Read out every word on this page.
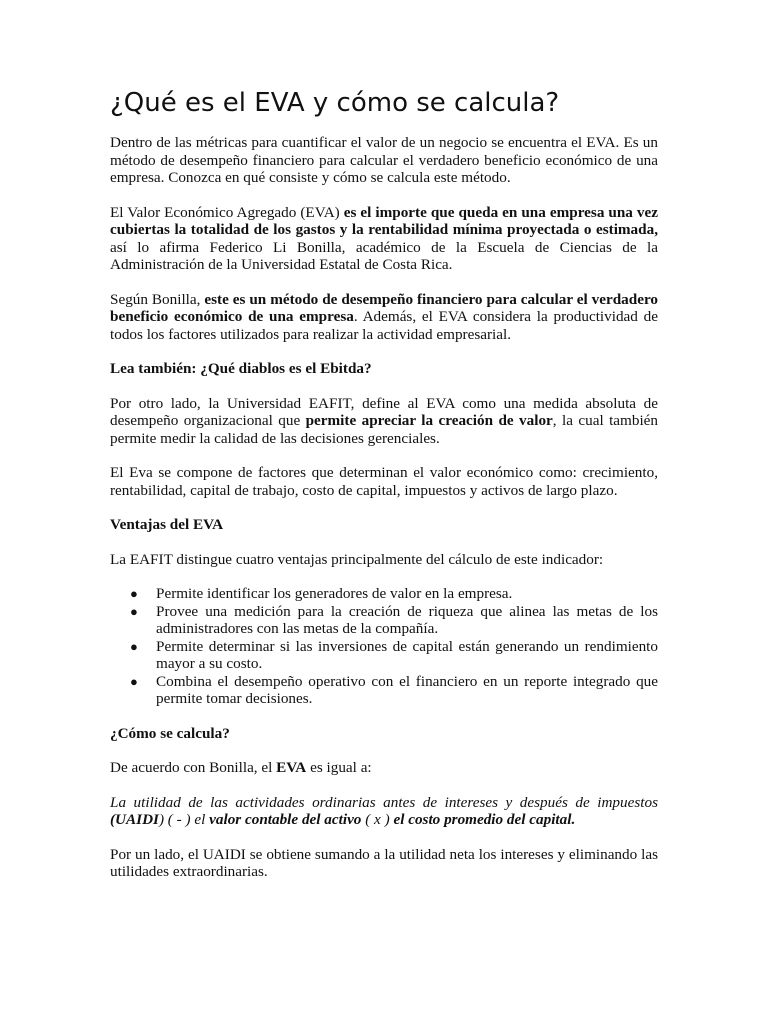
¿Qué es el EVA y cómo se calcula?

Dentro de las métricas para cuantificar el valor de un negocio se encuentra el EVA. Es un método de desempeño financiero para calcular el verdadero beneficio económico de una empresa. Conozca en qué consiste y cómo se calcula este método.

El Valor Económico Agregado (EVA) es el importe que queda en una empresa una vez cubiertas la totalidad de los gastos y la rentabilidad mínima proyectada o estimada, así lo afirma Federico Li Bonilla, académico de la Escuela de Ciencias de la Administración de la Universidad Estatal de Costa Rica.

Según Bonilla, este es un método de desempeño financiero para calcular el verdadero beneficio económico de una empresa. Además, el EVA considera la productividad de todos los factores utilizados para realizar la actividad empresarial.

Lea también: ¿Qué diablos es el Ebitda?

Por otro lado, la Universidad EAFIT, define al EVA como una medida absoluta de desempeño organizacional que permite apreciar la creación de valor, la cual también permite medir la calidad de las decisiones gerenciales.

El Eva se compone de factores que determinan el valor económico como: crecimiento, rentabilidad, capital de trabajo, costo de capital, impuestos y activos de largo plazo.

Ventajas del EVA

La EAFIT distingue cuatro ventajas principalmente del cálculo de este indicador:

● Permite identificar los generadores de valor en la empresa.
● Provee una medición para la creación de riqueza que alinea las metas de los administradores con las metas de la compañía.
● Permite determinar si las inversiones de capital están generando un rendimiento mayor a su costo.
● Combina el desempeño operativo con el financiero en un reporte integrado que permite tomar decisiones.

¿Cómo se calcula?

De acuerdo con Bonilla, el EVA es igual a:

La utilidad de las actividades ordinarias antes de intereses y después de impuestos (UAIDI) ( - ) el valor contable del activo ( x ) el costo promedio del capital.

Por un lado, el UAIDI se obtiene sumando a la utilidad neta los intereses y eliminando las utilidades extraordinarias.
